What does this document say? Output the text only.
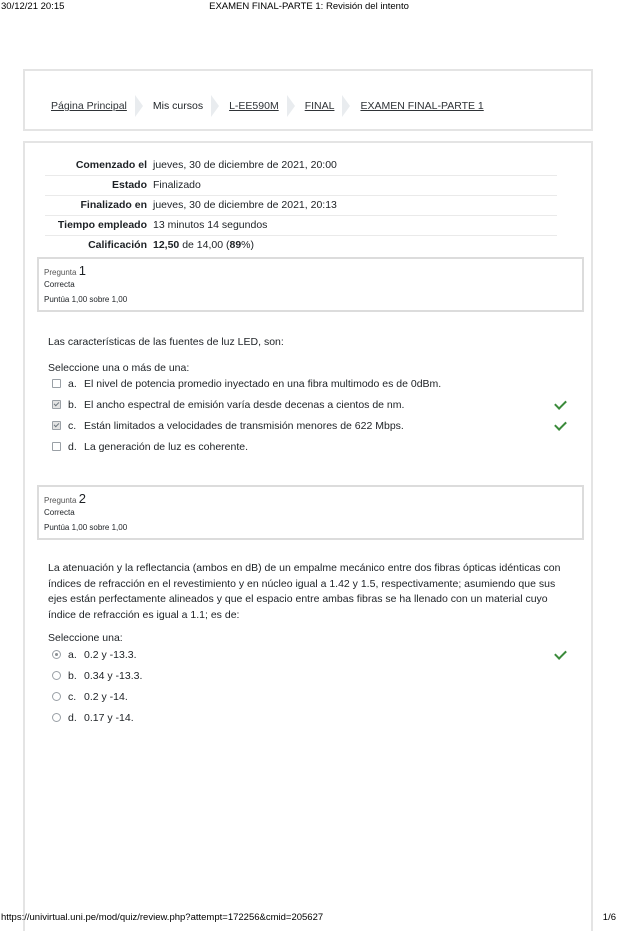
30/12/21 20:15	EXAMEN FINAL-PARTE 1: Revisión del intento
Página Principal Mis cursos L-EE590M FINAL EXAMEN FINAL-PARTE 1
Comenzado el jueves, 30 de diciembre de 2021, 20:00
Estado Finalizado
Finalizado en jueves, 30 de diciembre de 2021, 20:13
Tiempo empleado 13 minutos 14 segundos
Calificación 12,50 de 14,00 (89%)
Pregunta 1
Correcta
Puntúa 1,00 sobre 1,00
Las características de las fuentes de luz LED, son:
Seleccione una o más de una:
a. El nivel de potencia promedio inyectado en una fibra multimodo es de 0dBm.
b. El ancho espectral de emisión varía desde decenas a cientos de nm.
c. Están limitados a velocidades de transmisión menores de 622 Mbps.
d. La generación de luz es coherente.
Pregunta 2
Correcta
Puntúa 1,00 sobre 1,00
La atenuación y la reflectancia (ambos en dB) de un empalme mecánico entre dos fibras ópticas idénticas con índices de refracción en el revestimiento y en núcleo igual a 1.42 y 1.5, respectivamente; asumiendo que sus ejes están perfectamente alineados y que el espacio entre ambas fibras se ha llenado con un material cuyo índice de refracción es igual a 1.1; es de:
Seleccione una:
a. 0.2 y -13.3.
b. 0.34 y -13.3.
c. 0.2 y -14.
d. 0.17 y -14.
https://univirtual.uni.pe/mod/quiz/review.php?attempt=172256&cmid=205627	1/6
